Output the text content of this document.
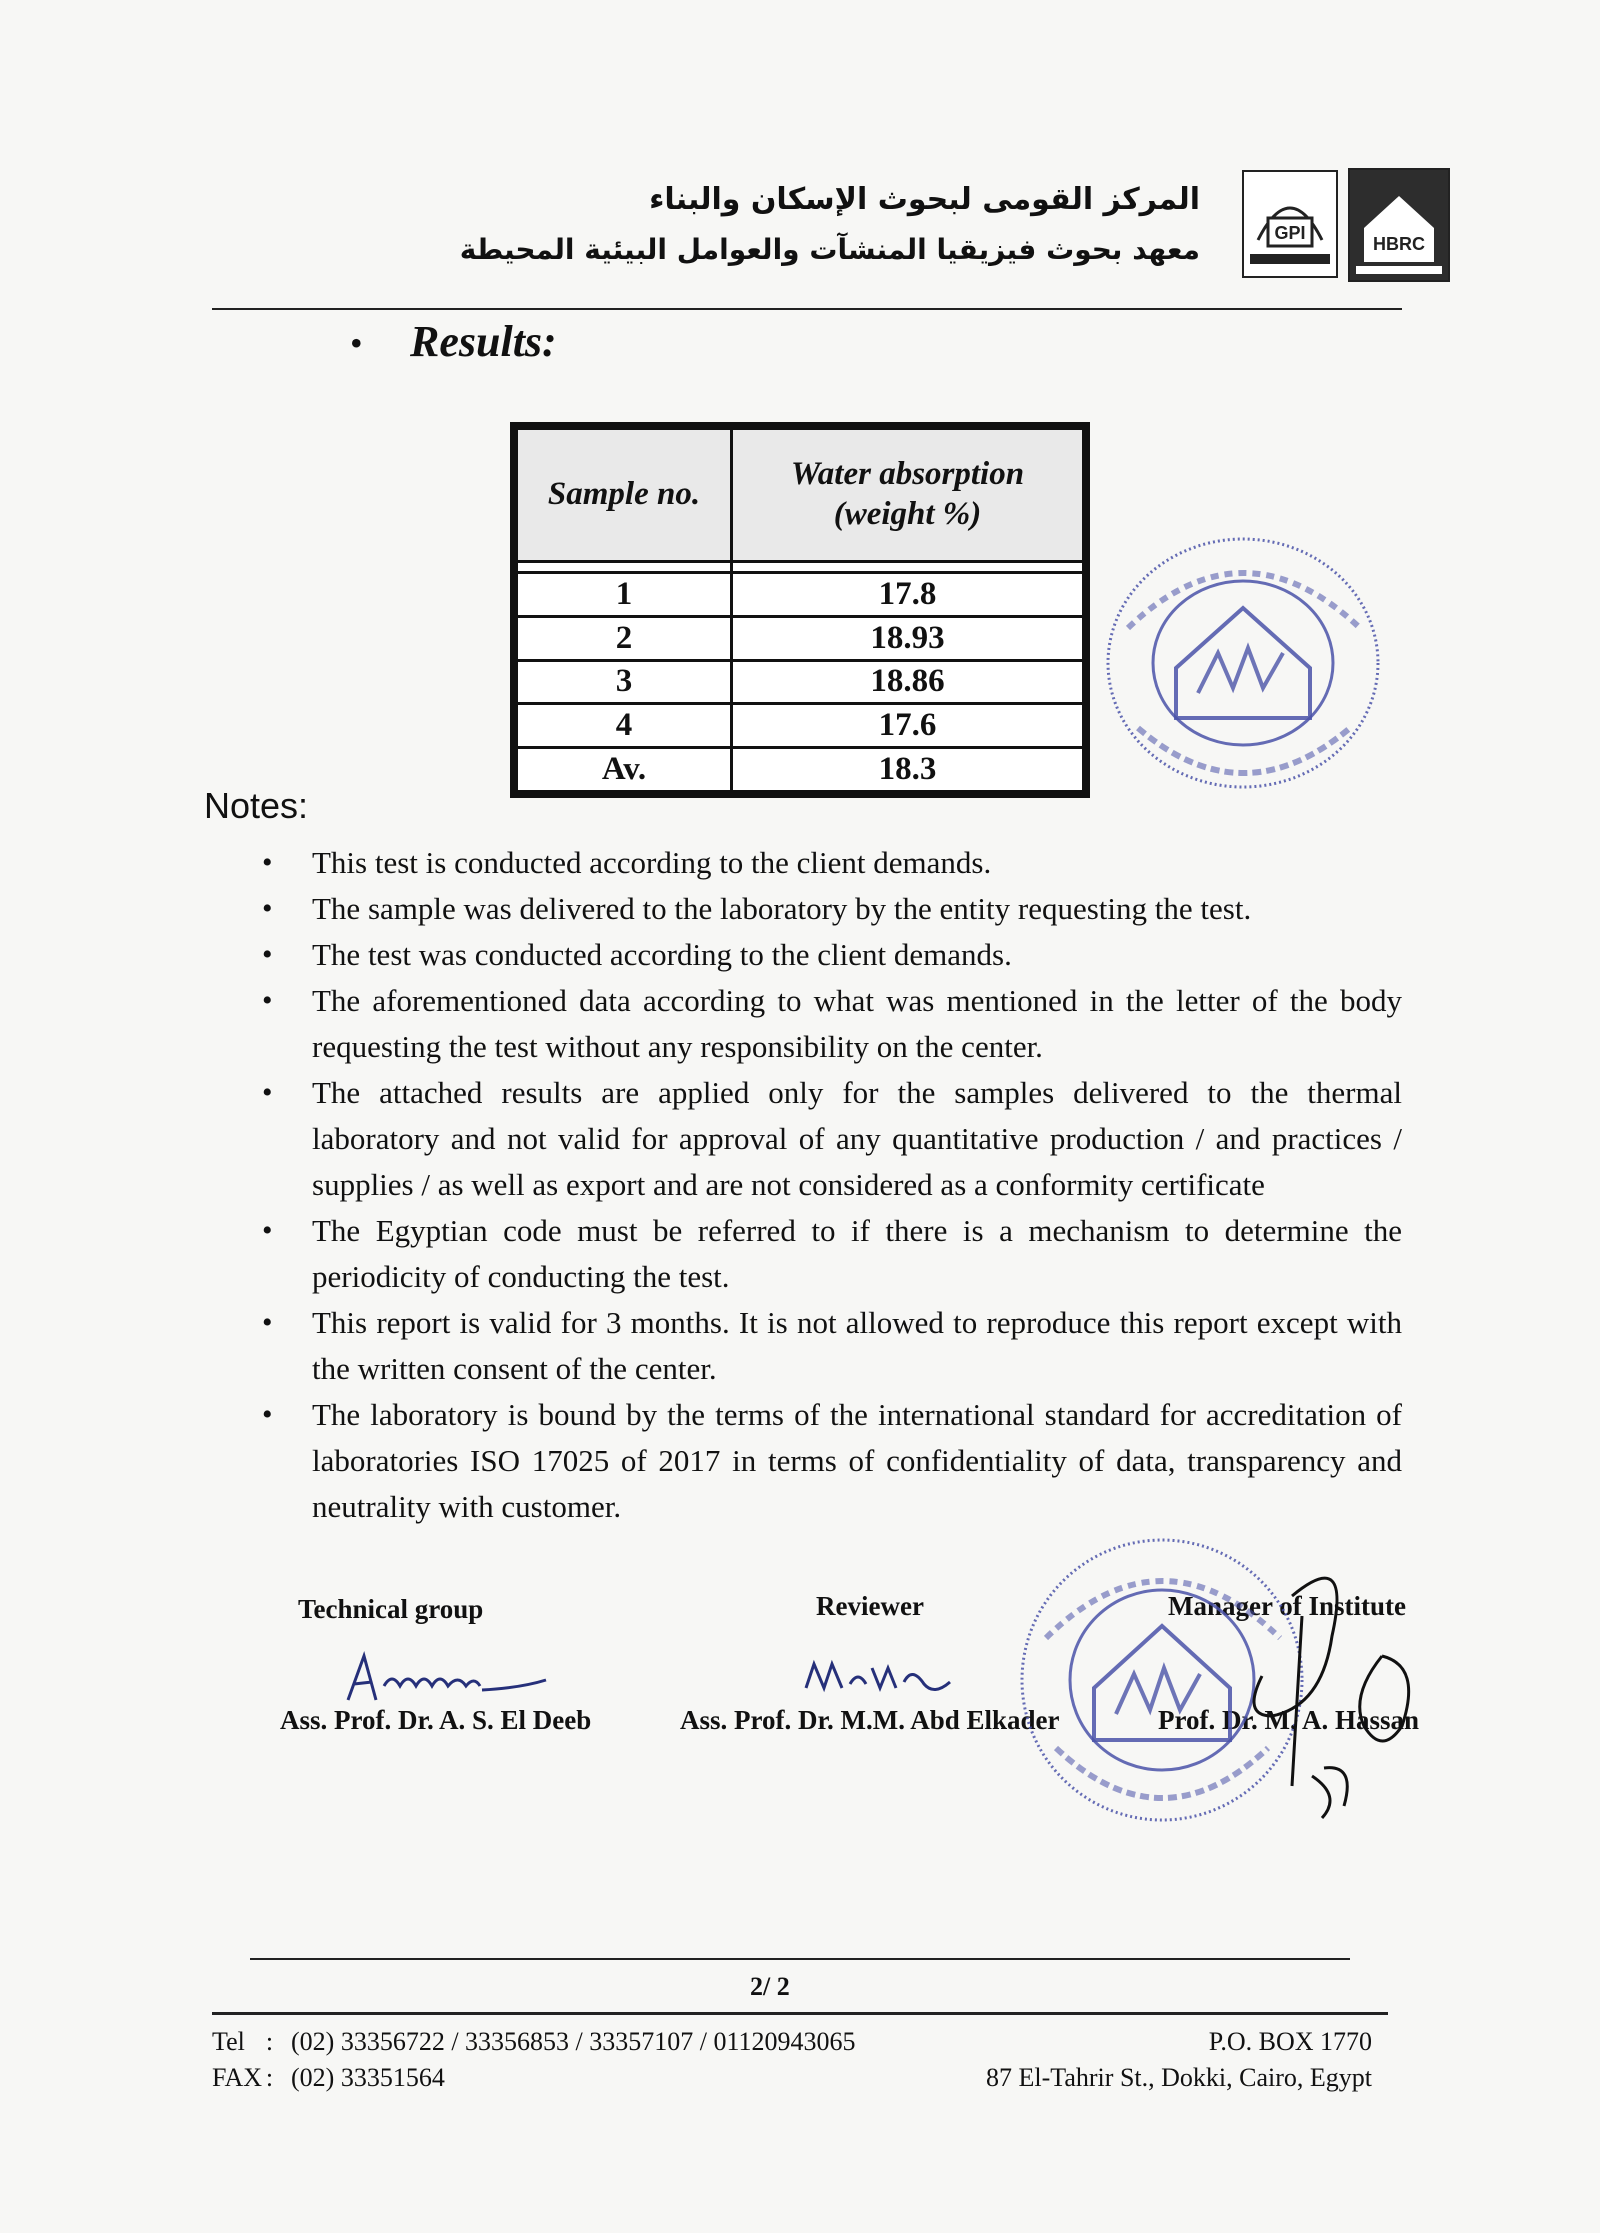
المركز القومى لبحوث الإسكان والبناء
معهد بحوث فيزيقيا المنشآت والعوامل البيئية المحيطة	GPI
HBRC
• Results:
Sample no.	Water absorption
(weight %)

1	17.8
2	18.93
3	18.86
4	17.6
Av.	18.3
Notes:
• This test is conducted according to the client demands.
• The sample was delivered to the laboratory by the entity requesting the test.
• The test was conducted according to the client demands.
• The aforementioned data according to what was mentioned in the letter of the body requesting the test without any responsibility on the center.
• The attached results are applied only for the samples delivered to the thermal laboratory and not valid for approval of any quantitative production / and practices / supplies / as well as export and are not considered as a conformity certificate
• The Egyptian code must be referred to if there is a mechanism to determine the periodicity of conducting the test.
• This report is valid for 3 months. It is not allowed to reproduce this report except with the written consent of the center.
• The laboratory is bound by the terms of the international standard for accreditation of laboratories ISO 17025 of 2017 in terms of confidentiality of data, transparency and neutrality with customer.
Technical group
Ass. Prof. Dr. A. S. El Deeb
Reviewer
Ass. Prof. Dr. M.M. Abd Elkader
Manager of Institute
Prof. Dr. M. A. Hassan
2/ 2
Tel : (02) 33356722 / 33356853 / 33357107 / 01120943065
FAX : (02) 33351564
P.O. BOX 1770
87 El-Tahrir St., Dokki, Cairo, Egypt
